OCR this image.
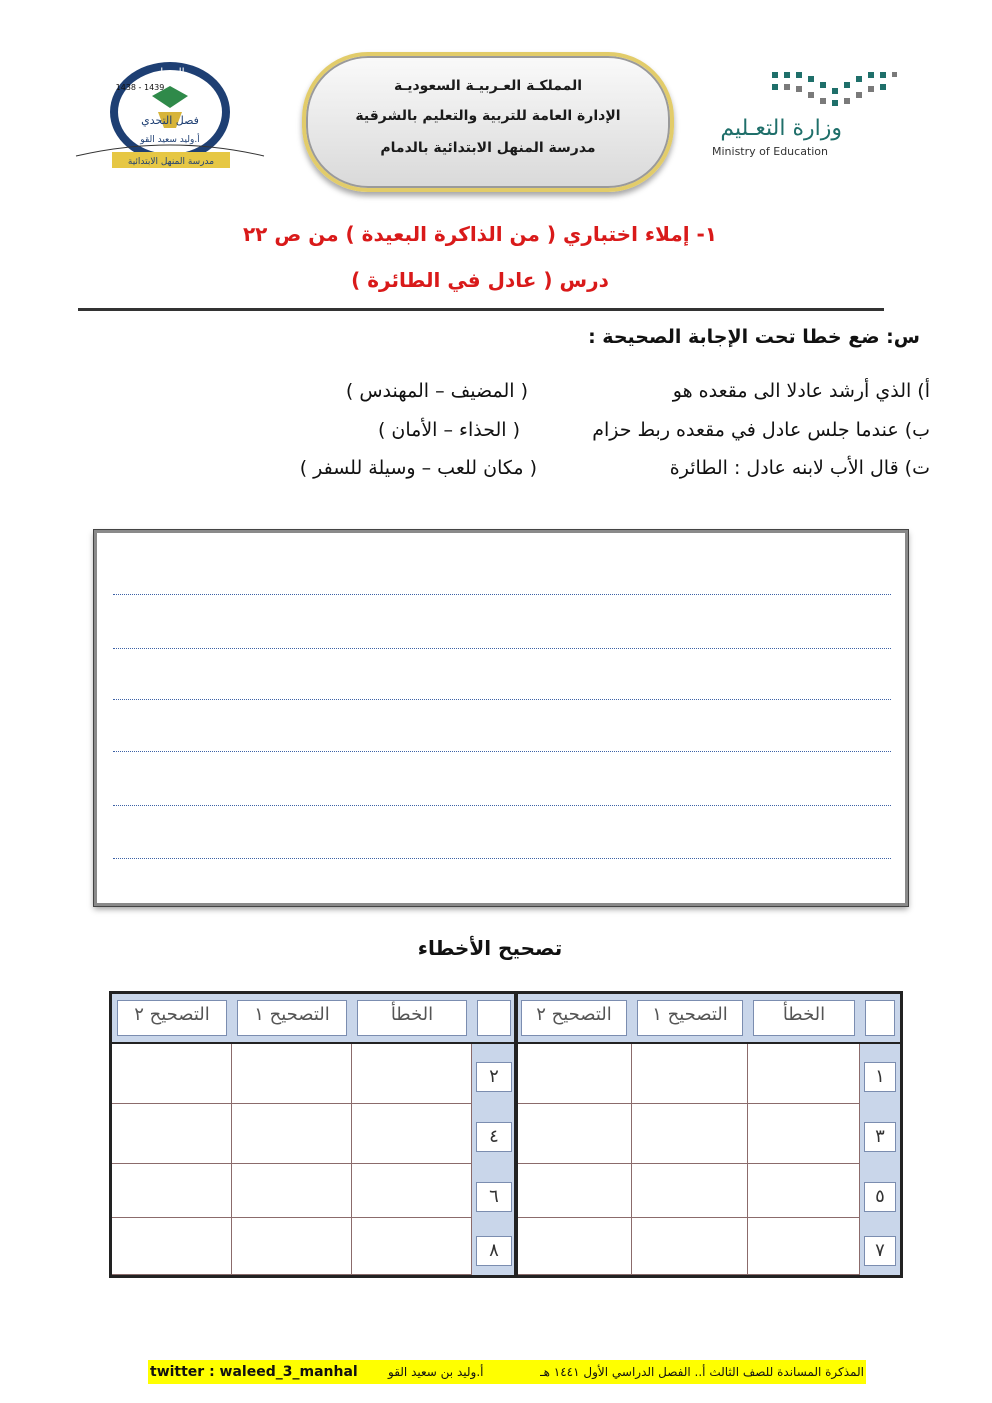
المنهل
1438 - 1439
فصل التحدي
أ.وليد سعيد القو
مدرسة المنهل الابتدائية
المملكـة العـربيـة السعوديـة
الإدارة العامة للتربية والتعليم بالشرقية
مدرسة المنهل الابتدائية بالدمام
وزارة التعـليم
Ministry of Education
١- إملاء اختباري ( من الذاكرة البعيدة ) من ص ٢٢
درس ( عادل في الطائرة )
س: ضع خطا تحت الإجابة الصحيحة :
أ) الذي أرشد عادلا الى مقعده هو
( المضيف – المهندس )
ب) عندما جلس عادل في مقعده ربط حزام
( الحذاء – الأمان )
ت) قال الأب لابنه عادل : الطائرة
( مكان للعب – وسيلة للسفر )
تصحيح الأخطاء
الخطأ
التصحيح ١
التصحيح ٢
الخطأ
التصحيح ١
التصحيح ٢
١
٣
٥
٧
٢
٤
٦
٨
twitter : waleed_3_manhal	أ.وليد بن سعيد القو	المذكرة المساندة للصف الثالث أ.. الفصل الدراسي الأول ١٤٤١ هـ
